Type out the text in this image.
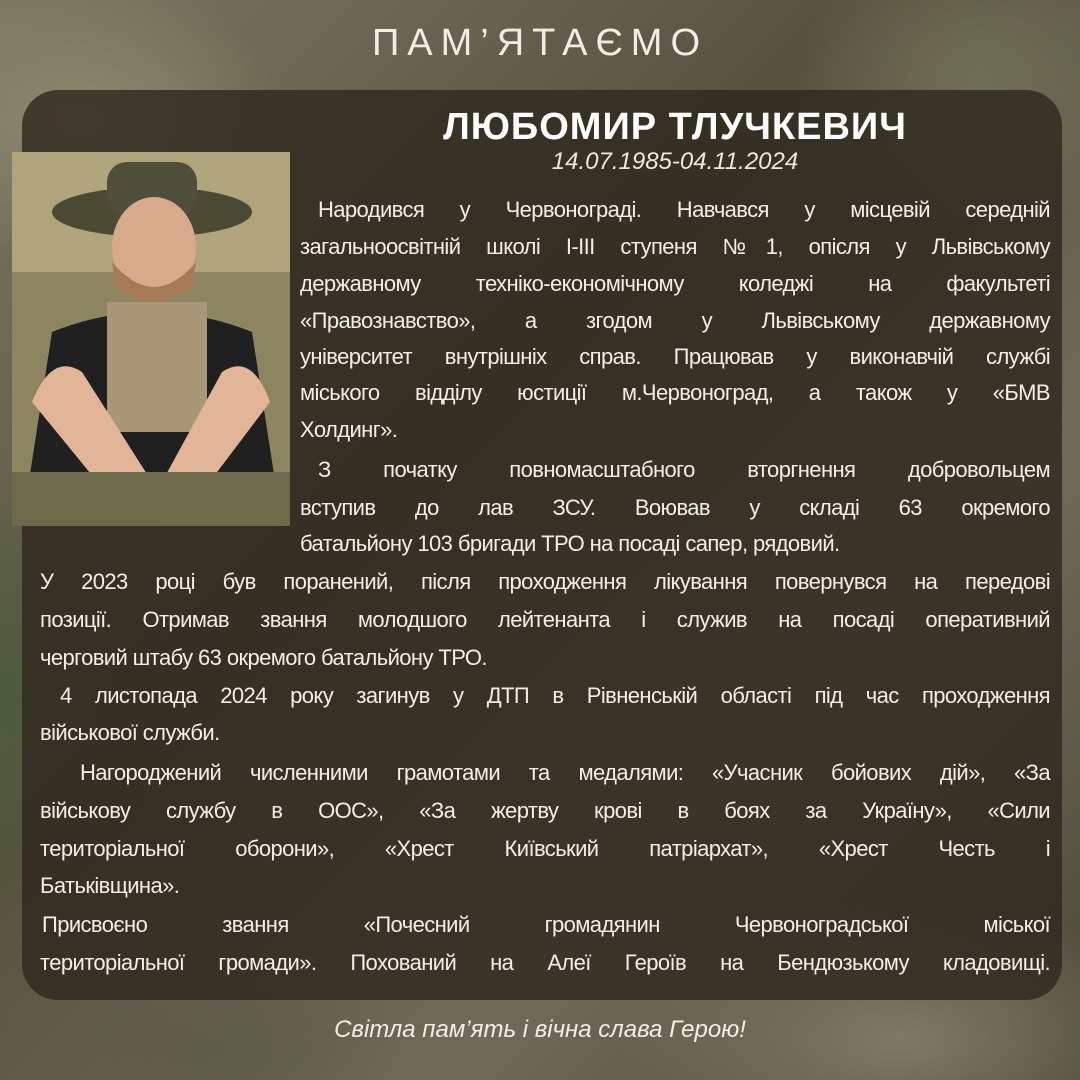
ПАМ’ЯТАЄМО
ЛЮБОМИР ТЛУЧКЕВИЧ
14.07.1985-04.11.2024
Народився у Червонограді. Навчався у місцевій середній
загальноосвітній школі I-III ступеня №1, опісля у Львівському
державному техніко-економічному коледжі на факультеті
«Правознавство», а згодом у Львівському державному
університет внутрішніх справ. Працював у виконавчій службі
міського відділу юстиції м.Червоноград, а також у «БМВ
Холдинг».
З початку повномасштабного вторгнення добровольцем
вступив до лав ЗСУ. Воював у складі 63 окремого
батальйону 103 бригади ТРО на посаді сапер, рядовий.
У 2023 році був поранений, після проходження лікування повернувся на передові
позиції. Отримав звання молодшого лейтенанта і служив на посаді оперативний
черговий штабу 63 окремого батальйону ТРО.
4 листопада 2024 року загинув у ДТП в Рівненській області під час проходження
військової служби.
Нагороджений численними грамотами та медалями: «Учасник бойових дій», «За
військову службу в ООС», «За жертву крові в боях за Україну», «Сили
територіальної оборони», «Хрест Київський патріархат», «Хрест Честь і
Батьківщина».
Присвоєно звання «Почесний громадянин Червоноградської міської
територіальної громади». Похований на Алеї Героїв на Бендюзькому кладовищі.
Світла пам’ять і вічна слава Герою!
